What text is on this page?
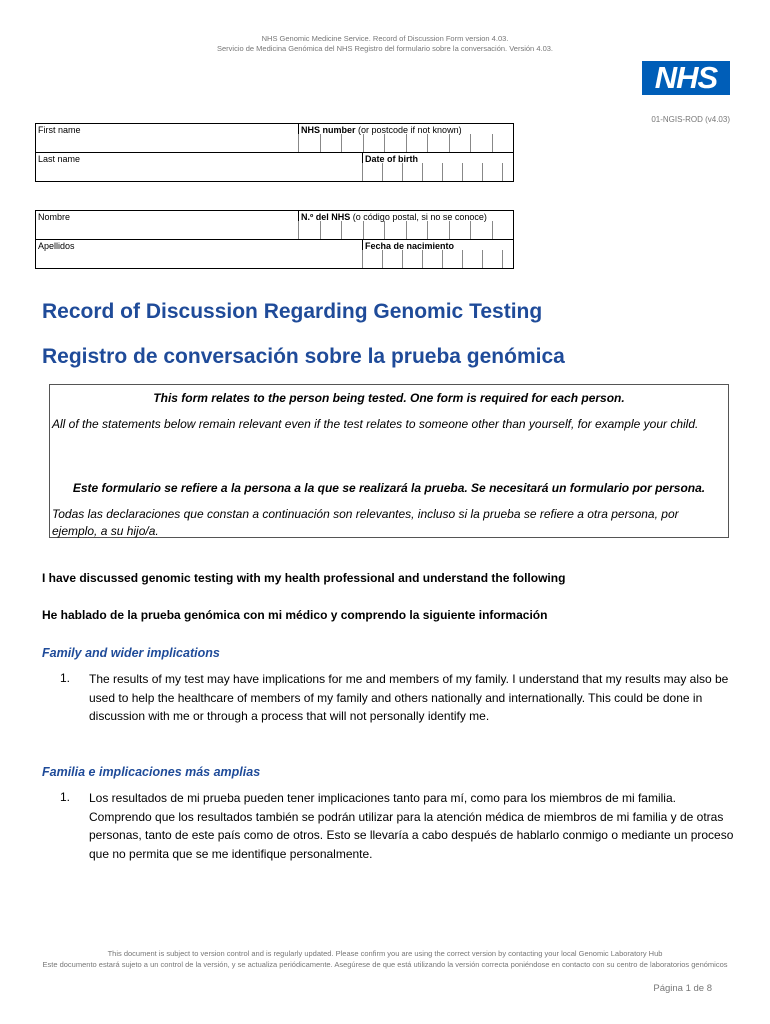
NHS Genomic Medicine Service. Record of Discussion Form version 4.03.
Servicio de Medicina Genómica del NHS Registro del formulario sobre la conversación. Versión 4.03.
NHS
01-NGIS-ROD (v4.03)
First name	NHS number (or postcode if not known)
Last name	Date of birth
Nombre	N.º del NHS (o código postal, si no se conoce)
Apellidos	Fecha de nacimiento
Record of Discussion Regarding Genomic Testing
Registro de conversación sobre la prueba genómica
This form relates to the person being tested. One form is required for each person.
All of the statements below remain relevant even if the test relates to someone other than yourself, for example your child.
Este formulario se refiere a la persona a la que se realizará la prueba. Se necesitará un formulario por persona.
Todas las declaraciones que constan a continuación son relevantes, incluso si la prueba se refiere a otra persona, por ejemplo, a su hijo/a.
I have discussed genomic testing with my health professional and understand the following
He hablado de la prueba genómica con mi médico y comprendo la siguiente información
Family and wider implications
1. The results of my test may have implications for me and members of my family. I understand that my results may also be used to help the healthcare of members of my family and others nationally and internationally. This could be done in discussion with me or through a process that will not personally identify me.
Familia e implicaciones más amplias
1. Los resultados de mi prueba pueden tener implicaciones tanto para mí, como para los miembros de mi familia. Comprendo que los resultados también se podrán utilizar para la atención médica de miembros de mi familia y de otras personas, tanto de este país como de otros. Esto se llevaría a cabo después de hablarlo conmigo o mediante un proceso que no permita que se me identifique personalmente.
This document is subject to version control and is regularly updated. Please confirm you are using the correct version by contacting your local Genomic Laboratory Hub
Este documento estará sujeto a un control de la versión, y se actualiza periódicamente. Asegúrese de que está utilizando la versión correcta poniéndose en contacto con su centro de laboratorios genómicos
Página 1 de 8
